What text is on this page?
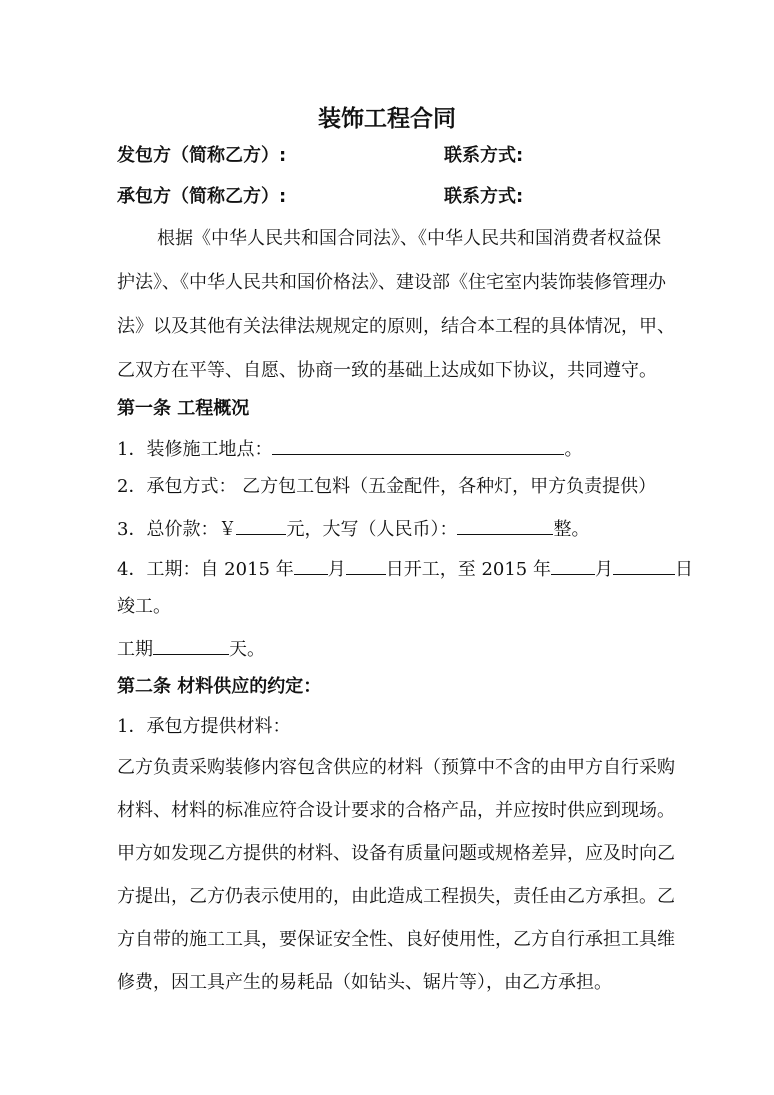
装饰工程合同
发包方（简称乙方）:	联系方式:
承包方（简称乙方）:	联系方式:
根据《中华人民共和国合同法》、《中华人民共和国消费者权益保
护法》、《中华人民共和国价格法》、建设部《住宅室内装饰装修管理办
法》以及其他有关法律法规规定的原则，结合本工程的具体情况，甲、
乙双方在平等、自愿、协商一致的基础上达成如下协议，共同遵守。
第一条 工程概况
1．装修施工地点：	。
2．承包方式： 乙方包工包料（五金配件，各种灯，甲方负责提供）
3．总价款：￥	元，大写（人民币）：	整。
4．工期：自 2015 年 月 日开工，至 2015 年 月	日
竣工。
工期	天。
第二条 材料供应的约定：
1．承包方提供材料：
乙方负责采购装修内容包含供应的材料（预算中不含的由甲方自行采购
材料、材料的标准应符合设计要求的合格产品，并应按时供应到现场。
甲方如发现乙方提供的材料、设备有质量问题或规格差异，应及时向乙
方提出，乙方仍表示使用的，由此造成工程损失，责任由乙方承担。乙
方自带的施工工具，要保证安全性、良好使用性，乙方自行承担工具维
修费，因工具产生的易耗品（如钻头、锯片等），由乙方承担。
